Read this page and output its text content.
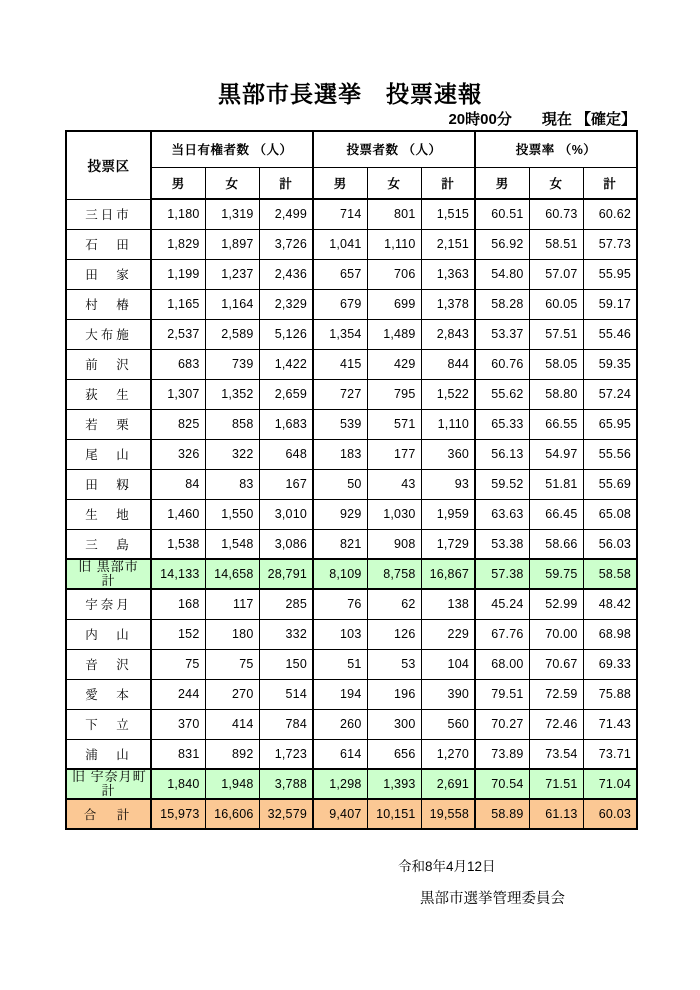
黒部市長選挙　投票速報
20時00分　　現在 【確定】
投票区	当日有権者数 （人）			投票者数 （人）			投票率 （%）		
	男	女	計	男	女	計	男	女	計
三日市	1,180	1,319	2,499	714	801	1,515	60.51	60.73	60.62
石　田	1,829	1,897	3,726	1,041	1,110	2,151	56.92	58.51	57.73
田　家	1,199	1,237	2,436	657	706	1,363	54.80	57.07	55.95
村　椿	1,165	1,164	2,329	679	699	1,378	58.28	60.05	59.17
大布施	2,537	2,589	5,126	1,354	1,489	2,843	53.37	57.51	55.46
前　沢	683	739	1,422	415	429	844	60.76	58.05	59.35
荻　生	1,307	1,352	2,659	727	795	1,522	55.62	58.80	57.24
若　栗	825	858	1,683	539	571	1,110	65.33	66.55	65.95
尾　山	326	322	648	183	177	360	56.13	54.97	55.56
田　籾	84	83	167	50	43	93	59.52	51.81	55.69
生　地	1,460	1,550	3,010	929	1,030	1,959	63.63	66.45	65.08
三　島	1,538	1,548	3,086	821	908	1,729	53.38	58.66	56.03

旧 黒部市
計	14,133	14,658	28,791	8,109	8,758	16,867	57.38	59.75	58.58
宇奈月	168	117	285	76	62	138	45.24	52.99	48.42
内　山	152	180	332	103	126	229	67.76	70.00	68.98
音　沢	75	75	150	51	53	104	68.00	70.67	69.33
愛　本	244	270	514	194	196	390	79.51	72.59	75.88
下　立	370	414	784	260	300	560	70.27	72.46	71.43
浦　山	831	892	1,723	614	656	1,270	73.89	73.54	73.71

旧 宇奈月町
計	1,840	1,948	3,788	1,298	1,393	2,691	70.54	71.51	71.04
合　計	15,973	16,606	32,579	9,407	10,151	19,558	58.89	61.13	60.03
令和8年4月12日
黒部市選挙管理委員会
